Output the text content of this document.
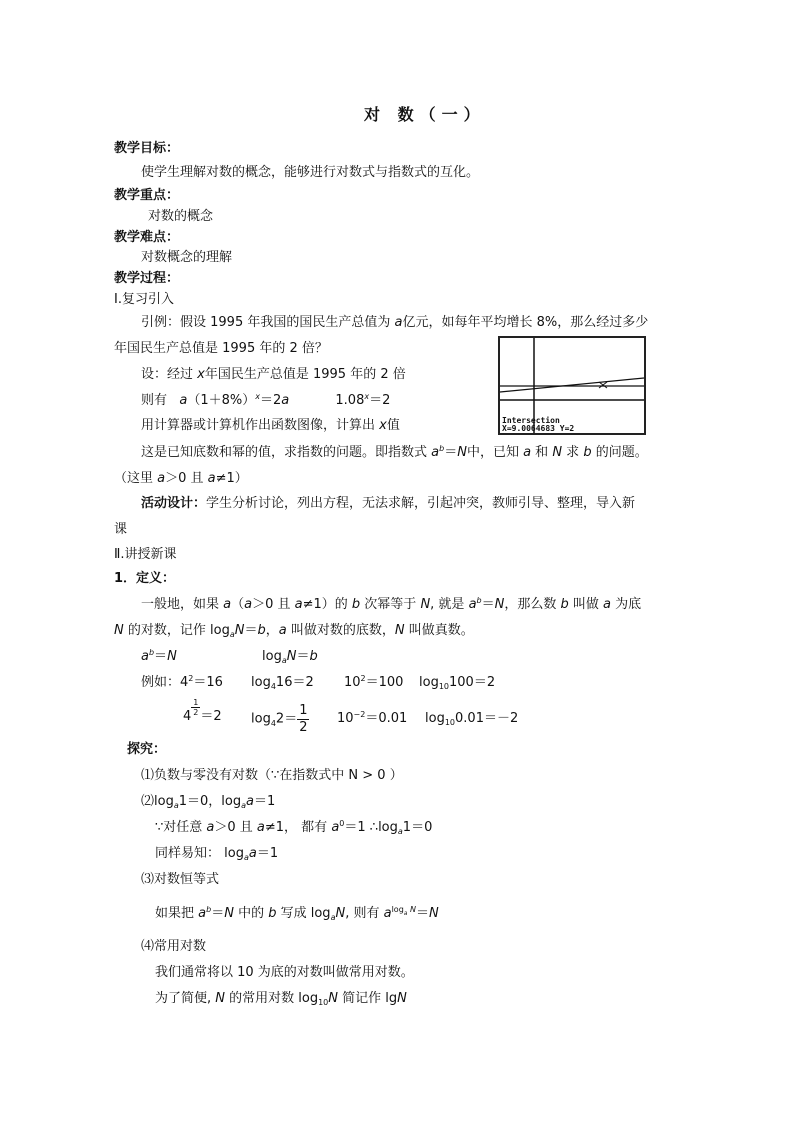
对 数（一）
教学目标：
使学生理解对数的概念，能够进行对数式与指数式的互化。
教学重点：
对数的概念
教学难点：
对数概念的理解
教学过程：
Ⅰ.复习引入
引例：假设 1995 年我国的国民生产总值为 a亿元，如每年平均增长 8%，那么经过多少
年国民生产总值是 1995 年的 2 倍？
设：经过 x年国民生产总值是 1995 年的 2 倍
则有   $a(1+8\%)^x=2a$	$1.08^x=2$
用计算器或计算机作出函数图像，计算出 x值
这是已知底数和幂的值，求指数的问题。即指数式 $a^b=N$中，已知 a 和 N 求 b 的问题。
（这里 a＞0 且 a≠1）
Intersection
X=9.0064683 Y=2
活动设计：学生分析讨论，列出方程，无法求解，引起冲突，教师引导、整理，导入新
课
Ⅱ.讲授新课
1．定义：
一般地，如果 a（a＞0 且 a≠1）的 b 次幂等于 N, 就是 $a^b=N$，那么数 b 叫做 a 为底
N 的对数，记作 $\log_aN=b$，a 叫做对数的底数，N 叫做真数。
$a^b=N$	$\log_aN=b$
例如：$4^2=16$ $\log_416=2$ $10^2=100$ $\log_{10}100=2$
$4 \frac{1}{2} =2$ $\log_42= \frac{1}{2} 10^{-2}=0.01$ $\log_{10}0.01=-2$
探究：
⑴负数与零没有对数（∵在指数式中 N > 0 ）
$⑵\log_a1=0$，$\log_aa=1$
∵对任意 a＞0 且 a≠1， 都有 $a^0=1$ $\therefore\log_a1=0$
同样易知： $\log_aa=1$
⑶对数恒等式
如果把 $a^b=N$ 中的 b 写成 $\log_aN$, 则有 $a^{log_a N}=N$
⑷常用对数
我们通常将以 10 为底的对数叫做常用对数。
为了简便, N 的常用对数 $\log_{10}N$ 简记作 lgN
